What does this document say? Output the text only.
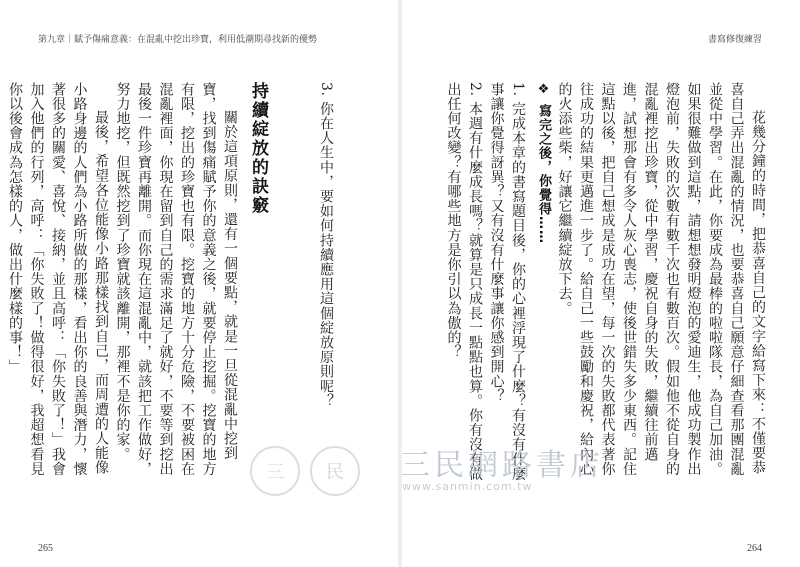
第九章｜賦予傷痛意義：在混亂中挖出珍寶，利用低潮期尋找新的優勢

3. 你在人生中，要如何持續應用這個綻放原則呢？

持續綻放的訣竅

關於這項原則，還有一個要點，就是一旦從混亂中挖到寶，找到傷痛賦予你的意義之後，就要停止挖掘。挖寶的地方有限，挖出的珍寶也有限。挖寶的地方十分危險，不要被困在混亂裡面，你現在留到自己的需求滿足了就好，不要等到挖出最後一件珍寶再離開。而你現在這混亂中，就該把工作做好，努力地挖，但既然挖到了珍寶就該離開，那裡不是你的家。

最後，希望各位能像小路那樣找到自己，而周遭的人能像小路身邊的人們為小路所做的那樣，看出你的良善與潛力，懷著很多的關愛、喜悅、接納，並且高呼：「你失敗了！」我會加入他們的行列，高呼：「你失敗了！做得很好，我超想看見你以後會成為怎樣的人，做出什麼樣的事！」

265
書寫修復練習

花幾分鐘的時間，把恭喜自己的文字給寫下來：不僅要恭喜自己弄出混亂的情況，也要恭喜自己願意仔細查看那團混亂並從中學習。在此，你要成為最棒的啦啦隊長，為自己加油。如果很難做到這點，請想想發明燈泡的愛迪生，他成功製作出燈泡前，失敗的次數有數千次也有數百次。假如他不從自身的混亂裡挖出珍寶，從中學習，慶祝自身的失敗，繼續往前邁進，試想那會有多令人灰心喪志，使後世錯失多少東西。記住這點以後，把自己想成是成功在望，每一次的失敗都代表著你往成功的結果更邁進一步了。給自己一些鼓勵和慶祝，給內心的火添些柴，好讓它繼續綻放下去。

❖寫完之後，你覺得……

1. 完成本章的書寫題目後，你的心裡浮現了什麼？有沒有什麼事讓你覺得訝異？又有沒有什麼事讓你感到開心？

2. 本週有什麼成長嗎？就算是只成長一點點也算。你有沒有做出任何改變？有哪些地方是你引以為傲的？

264
三	民	三民網路書店
www.sanmin.com.tw
